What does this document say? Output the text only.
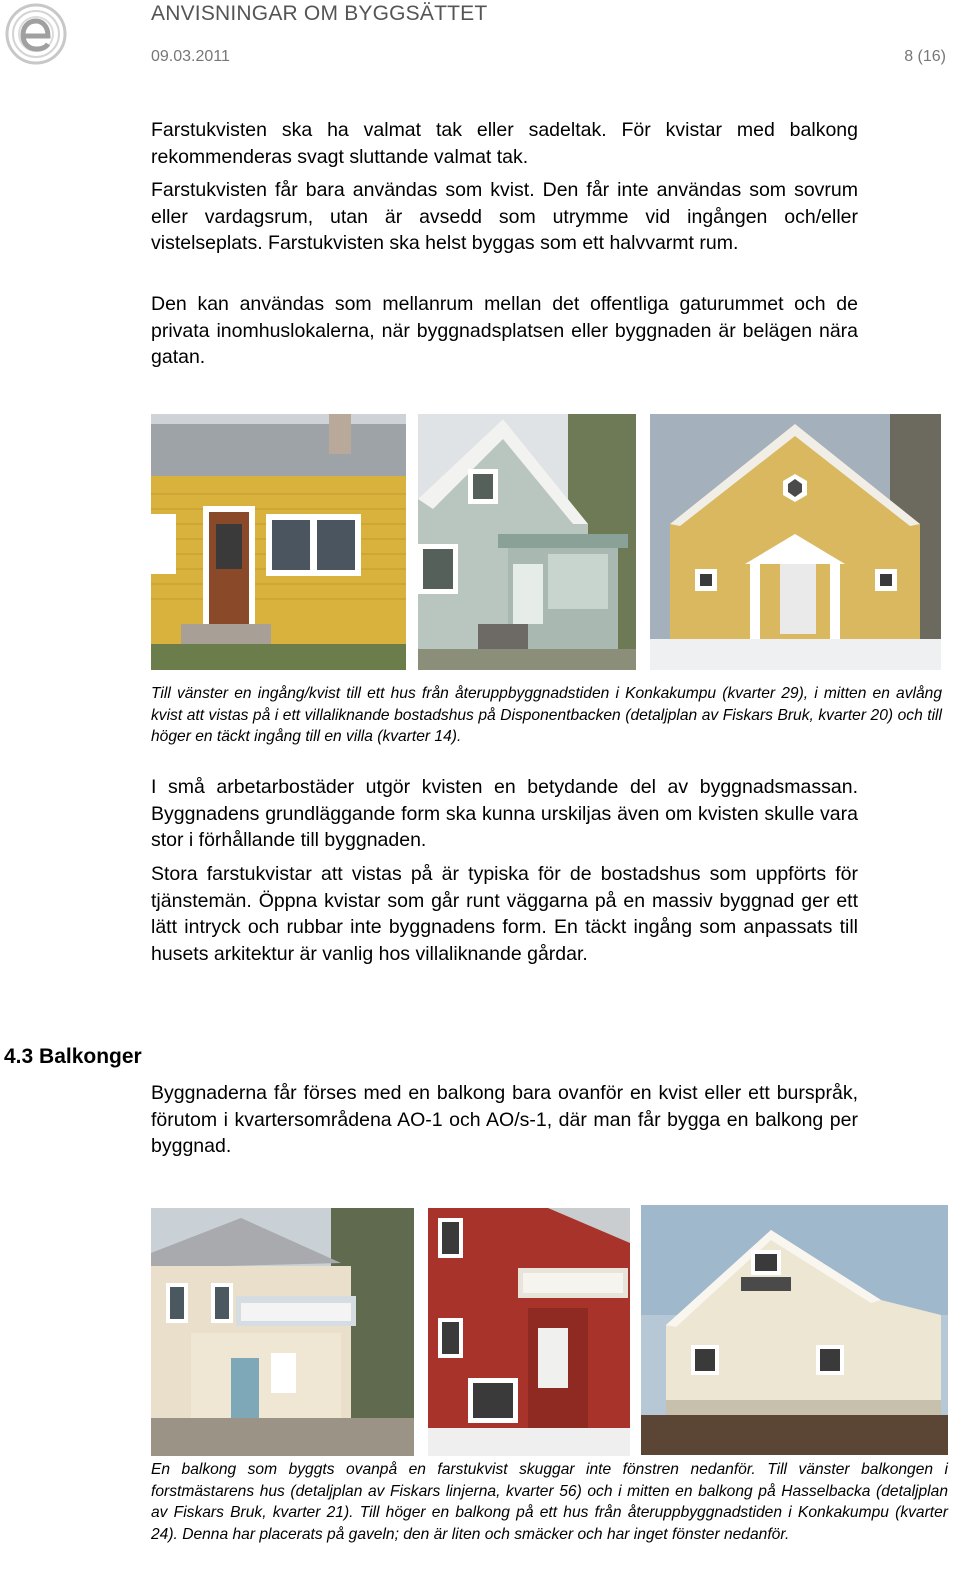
ANVISNINGAR OM BYGGSÄTTET
09.03.2011	8 (16)

Farstukvisten ska ha valmat tak eller sadeltak. För kvistar med balkong rekommenderas svagt sluttande valmat tak.

Farstukvisten får bara användas som kvist. Den får inte användas som sovrum eller vardagsrum, utan är avsedd som utrymme vid ingången och/eller vistelseplats. Farstukvisten ska helst byggas som ett halvvarmt rum.

Den kan användas som mellanrum mellan det offentliga gaturummet och de privata inomhuslokalerna, när byggnadsplatsen eller byggnaden är belägen nära gatan.

Till vänster en ingång/kvist till ett hus från återuppbyggnadstiden i Konkakumpu (kvarter 29), i mitten en avlång kvist att vistas på i ett villaliknande bostadshus på Disponentbacken (detaljplan av Fiskars Bruk, kvarter 20) och till höger en täckt ingång till en villa (kvarter 14).

I små arbetarbostäder utgör kvisten en betydande del av byggnadsmassan. Byggnadens grundläggande form ska kunna urskiljas även om kvisten skulle vara stor i förhållande till byggnaden.

Stora farstukvistar att vistas på är typiska för de bostadshus som uppförts för tjänstemän. Öppna kvistar som går runt väggarna på en massiv byggnad ger ett lätt intryck och rubbar inte byggnadens form. En täckt ingång som anpassats till husets arkitektur är vanlig hos villaliknande gårdar.

4.3 Balkonger

Byggnaderna får förses med en balkong bara ovanför en kvist eller ett burspråk, förutom i kvartersområdena AO-1 och AO/s-1, där man får bygga en balkong per byggnad.

En balkong som byggts ovanpå en farstukvist skuggar inte fönstren nedanför. Till vänster balkongen i forstmästarens hus (detaljplan av Fiskars linjerna, kvarter 56) och i mitten en balkong på Hasselbacka (detaljplan av Fiskars Bruk, kvarter 21). Till höger en balkong på ett hus från återuppbyggnadstiden i Konkakumpu (kvarter 24). Denna har placerats på gaveln; den är liten och smäcker och har inget fönster nedanför.
